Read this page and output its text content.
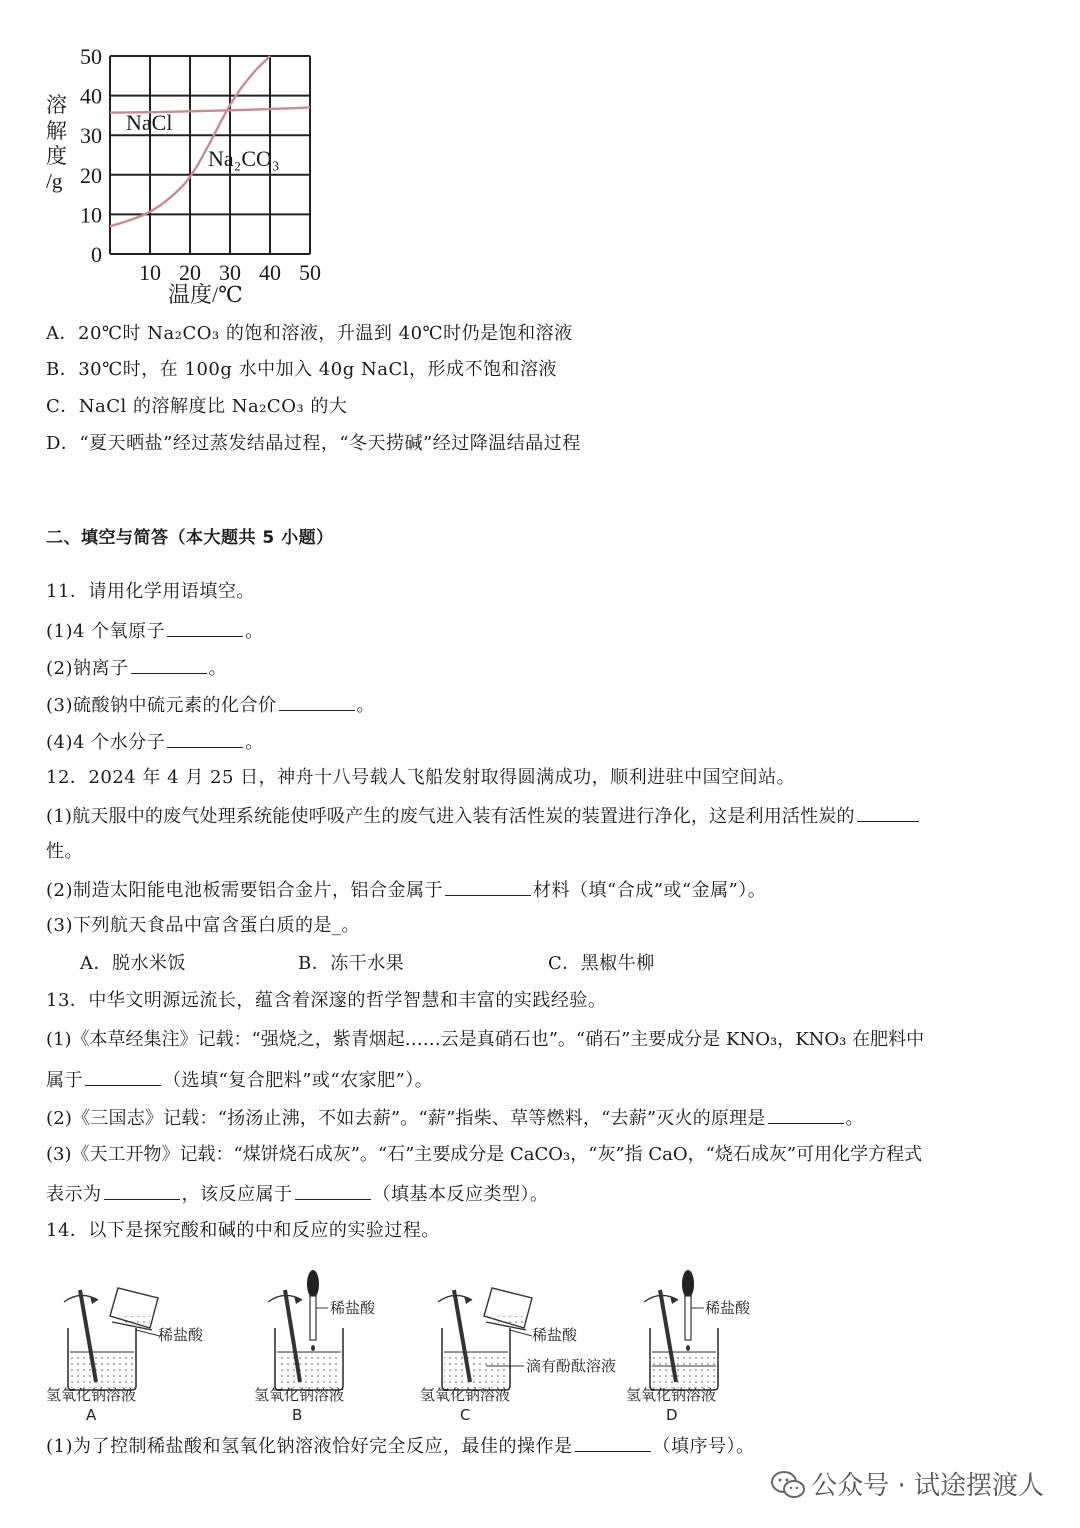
50
40
30
20
10
0
10 20 30 40 50
溶
解
度
/g
温度/℃
NaCl
Na₂CO₃
A．20℃时 Na₂CO₃ 的饱和溶液，升温到 40℃时仍是饱和溶液
B．30℃时，在 100g 水中加入 40g NaCl，形成不饱和溶液
C．NaCl 的溶解度比 Na₂CO₃ 的大
D．“夏天晒盐”经过蒸发结晶过程，“冬天捞碱”经过降温结晶过程
二、填空与简答（本大题共 5 小题）
11．请用化学用语填空。
(1)4 个氧原子	。
(2)钠离子	。
(3)硫酸钠中硫元素的化合价	。
(4)4 个水分子	。
12．2024 年 4 月 25 日，神舟十八号载人飞船发射取得圆满成功，顺利进驻中国空间站。
(1)航天服中的废气处理系统能使呼吸产生的废气进入装有活性炭的装置进行净化，这是利用活性炭的
性。
(2)制造太阳能电池板需要铝合金片，铝合金属于	材料（填“合成”或“金属”）。
(3)下列航天食品中富含蛋白质的是_。
A．脱水米饭	B．冻干水果	C．黑椒牛柳
13．中华文明源远流长，蕴含着深邃的哲学智慧和丰富的实践经验。
(1)《本草经集注》记载：“强烧之，紫青烟起……云是真硝石也”。“硝石”主要成分是 KNO₃，KNO₃ 在肥料中
属于	（选填“复合肥料”或“农家肥”）。
(2)《三国志》记载：“扬汤止沸，不如去薪”。“薪”指柴、草等燃料，“去薪”灭火的原理是	。
(3)《天工开物》记载：“煤饼烧石成灰”。“石”主要成分是 CaCO₃，“灰”指 CaO，“烧石成灰”可用化学方程式
表示为	，该反应属于	（填基本反应类型）。
14．以下是探究酸和碱的中和反应的实验过程。
稀盐酸
稀盐酸
稀盐酸
滴有酚酞溶液
稀盐酸
氢氧化钠溶液	氢氧化钠溶液	氢氧化钠溶液	氢氧化钠溶液
A	B	C	D
(1)为了控制稀盐酸和氢氧化钠溶液恰好完全反应，最佳的操作是	（填序号）。
公众号 · 试途摆渡人
